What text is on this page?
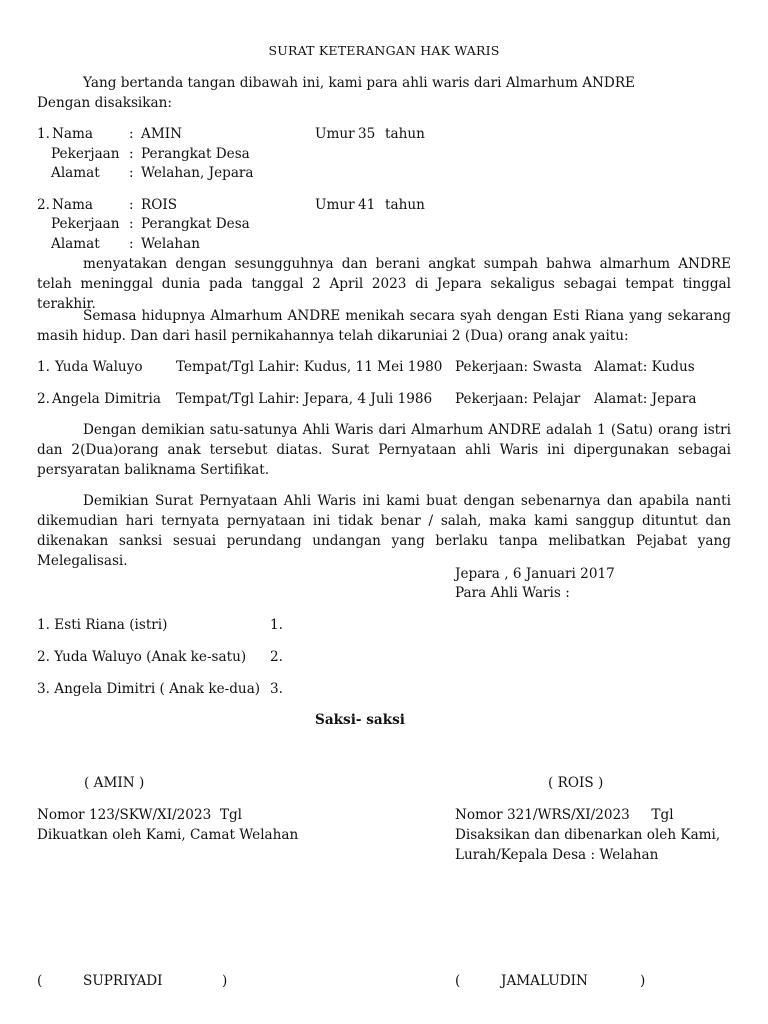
SURAT KETERANGAN HAK WARIS
Yang bertanda tangan dibawah ini, kami para ahli waris dari Almarhum ANDRE
Dengan disaksikan:
1. Nama	: AMIN	Umur 35 tahun
Pekerjaan : Perangkat Desa
Alamat : Welahan, Jepara
2. Nama	: ROIS	Umur 41 tahun
Pekerjaan : Perangkat Desa
Alamat : Welahan
menyatakan dengan sesungguhnya dan berani angkat sumpah bahwa almarhum ANDRE telah meninggal dunia pada tanggal 2 April 2023 di Jepara sekaligus sebagai tempat tinggal terakhir.
Semasa hidupnya Almarhum ANDRE menikah secara syah dengan Esti Riana yang sekarang masih hidup. Dan dari hasil pernikahannya telah dikaruniai 2 (Dua) orang anak yaitu:
1. Yuda Waluyo Tempat/Tgl Lahir: Kudus, 11 Mei 1980 Pekerjaan: Swasta Alamat: Kudus
2. Angela Dimitria Tempat/Tgl Lahir: Jepara, 4 Juli 1986 Pekerjaan: Pelajar Alamat: Jepara
Dengan demikian satu-satunya Ahli Waris dari Almarhum ANDRE adalah 1 (Satu) orang istri dan 2(Dua)orang anak tersebut diatas. Surat Pernyataan ahli Waris ini dipergunakan sebagai persyaratan baliknama Sertifikat.
Demikian Surat Pernyataan Ahli Waris ini kami buat dengan sebenarnya dan apabila nanti dikemudian hari ternyata pernyataan ini tidak benar / salah, maka kami sanggup dituntut dan dikenakan sanksi sesuai perundang undangan yang berlaku tanpa melibatkan Pejabat yang Melegalisasi.
Jepara , 6 Januari 2017
Para Ahli Waris :
1. Esti Riana (istri)	1.
2. Yuda Waluyo (Anak ke-satu) 2.
3. Angela Dimitri ( Anak ke-dua) 3.
Saksi- saksi
( AMIN )	( ROIS )
Nomor 123/SKW/XI/2023  Tgl
Dikuatkan oleh Kami, Camat Welahan
Nomor 321/WRS/XI/2023     Tgl
Disaksikan dan dibenarkan oleh Kami,
Lurah/Kepala Desa : Welahan
(	SUPRIYADI	)	(	JAMALUDIN	)
